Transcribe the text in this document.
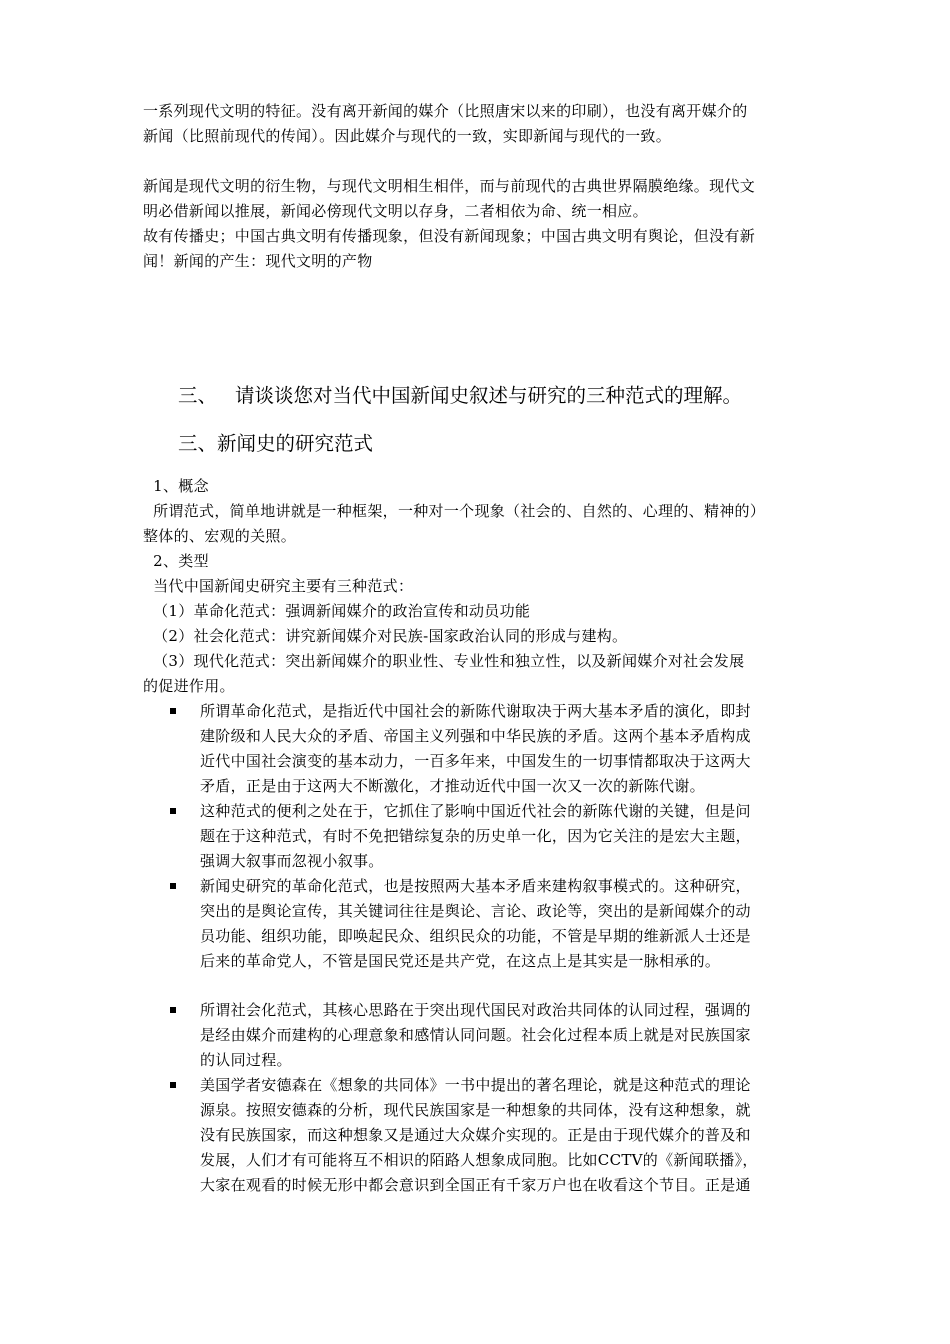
一系列现代文明的特征。没有离开新闻的媒介（比照唐宋以来的印刷），也没有离开媒介的
新闻（比照前现代的传闻）。因此媒介与现代的一致，实即新闻与现代的一致。
新闻是现代文明的衍生物，与现代文明相生相伴，而与前现代的古典世界隔膜绝缘。现代文
明必借新闻以推展，新闻必傍现代文明以存身，二者相依为命、统一相应。
故有传播史；中国古典文明有传播现象，但没有新闻现象；中国古典文明有舆论，但没有新
闻！新闻的产生：现代文明的产物
三、 请谈谈您对当代中国新闻史叙述与研究的三种范式的理解。
三、新闻史的研究范式
1、概念
所谓范式，简单地讲就是一种框架，一种对一个现象（社会的、自然的、心理的、精神的）
整体的、宏观的关照。
2、类型
当代中国新闻史研究主要有三种范式：
（1）革命化范式：强调新闻媒介的政治宣传和动员功能
（2）社会化范式：讲究新闻媒介对民族-国家政治认同的形成与建构。
（3）现代化范式：突出新闻媒介的职业性、专业性和独立性，以及新闻媒介对社会发展
的促进作用。
所谓革命化范式，是指近代中国社会的新陈代谢取决于两大基本矛盾的演化，即封
建阶级和人民大众的矛盾、帝国主义列强和中华民族的矛盾。这两个基本矛盾构成
近代中国社会演变的基本动力，一百多年来，中国发生的一切事情都取决于这两大
矛盾，正是由于这两大不断激化，才推动近代中国一次又一次的新陈代谢。
这种范式的便利之处在于，它抓住了影响中国近代社会的新陈代谢的关键，但是问
题在于这种范式，有时不免把错综复杂的历史单一化，因为它关注的是宏大主题，
强调大叙事而忽视小叙事。
新闻史研究的革命化范式，也是按照两大基本矛盾来建构叙事模式的。这种研究，
突出的是舆论宣传，其关键词往往是舆论、言论、政论等，突出的是新闻媒介的动
员功能、组织功能，即唤起民众、组织民众的功能，不管是早期的维新派人士还是
后来的革命党人，不管是国民党还是共产党，在这点上是其实是一脉相承的。
所谓社会化范式，其核心思路在于突出现代国民对政治共同体的认同过程，强调的
是经由媒介而建构的心理意象和感情认同问题。社会化过程本质上就是对民族国家
的认同过程。
美国学者安德森在《想象的共同体》一书中提出的著名理论，就是这种范式的理论
源泉。按照安德森的分析，现代民族国家是一种想象的共同体，没有这种想象，就
没有民族国家，而这种想象又是通过大众媒介实现的。正是由于现代媒介的普及和
发展，人们才有可能将互不相识的陌路人想象成同胞。比如CCTV的《新闻联播》，
大家在观看的时候无形中都会意识到全国正有千家万户也在收看这个节目。正是通
